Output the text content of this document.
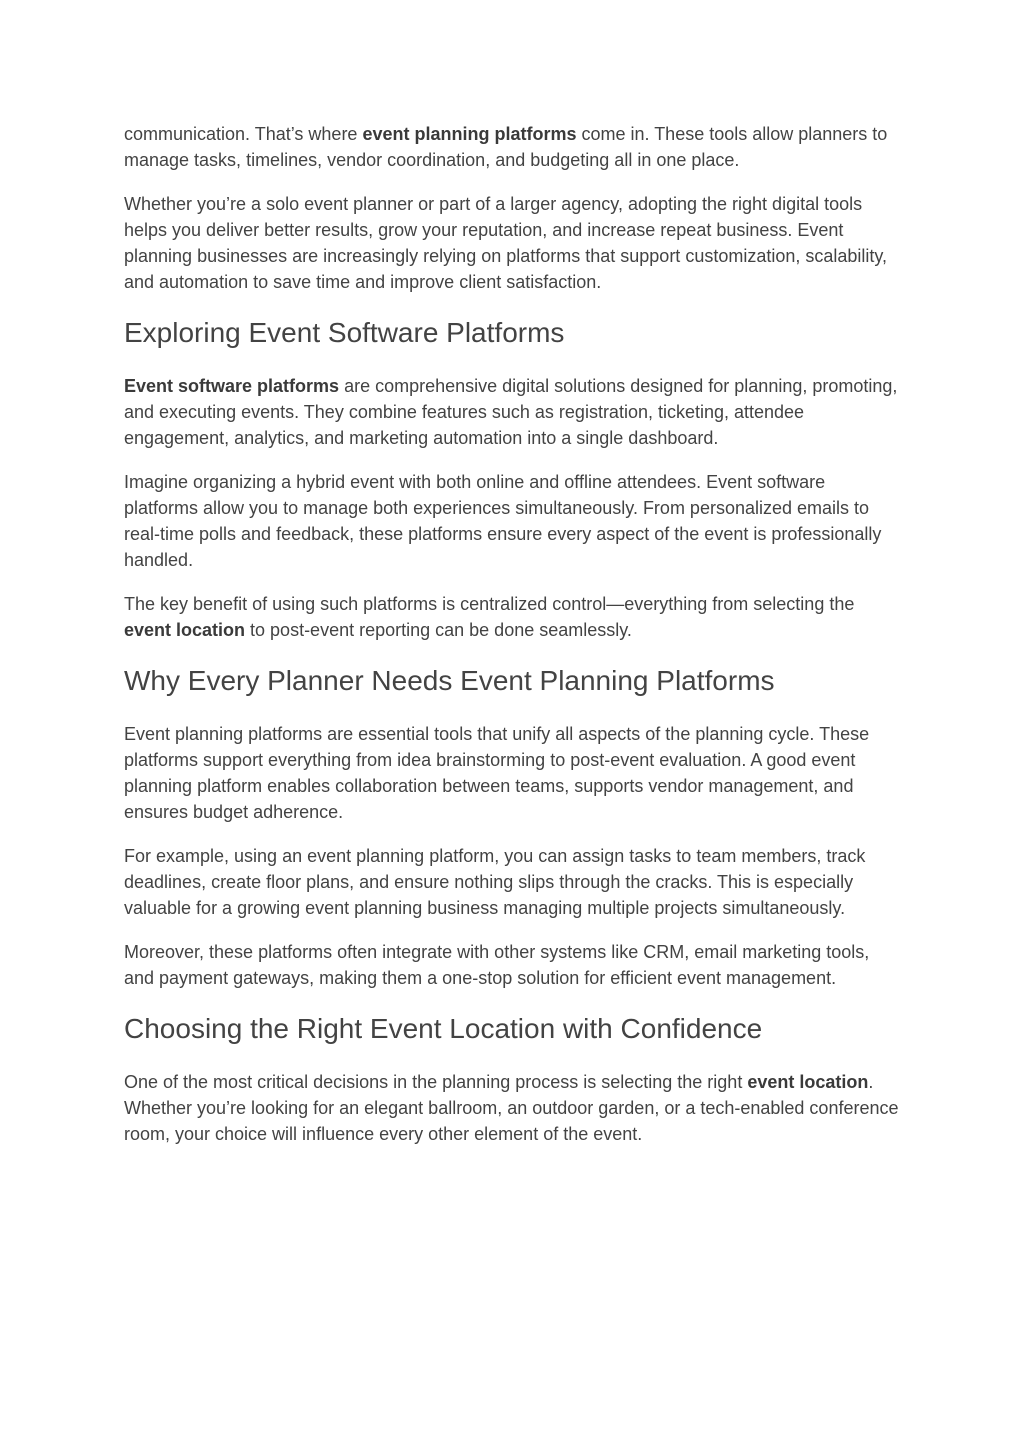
communication. That’s where event planning platforms come in. These tools allow planners to manage tasks, timelines, vendor coordination, and budgeting all in one place.

Whether you’re a solo event planner or part of a larger agency, adopting the right digital tools helps you deliver better results, grow your reputation, and increase repeat business. Event planning businesses are increasingly relying on platforms that support customization, scalability, and automation to save time and improve client satisfaction.

Exploring Event Software Platforms

Event software platforms are comprehensive digital solutions designed for planning, promoting, and executing events. They combine features such as registration, ticketing, attendee engagement, analytics, and marketing automation into a single dashboard.

Imagine organizing a hybrid event with both online and offline attendees. Event software platforms allow you to manage both experiences simultaneously. From personalized emails to real-time polls and feedback, these platforms ensure every aspect of the event is professionally handled.

The key benefit of using such platforms is centralized control—everything from selecting the event location to post-event reporting can be done seamlessly.

Why Every Planner Needs Event Planning Platforms

Event planning platforms are essential tools that unify all aspects of the planning cycle. These platforms support everything from idea brainstorming to post-event evaluation. A good event planning platform enables collaboration between teams, supports vendor management, and ensures budget adherence.

For example, using an event planning platform, you can assign tasks to team members, track deadlines, create floor plans, and ensure nothing slips through the cracks. This is especially valuable for a growing event planning business managing multiple projects simultaneously.

Moreover, these platforms often integrate with other systems like CRM, email marketing tools, and payment gateways, making them a one-stop solution for efficient event management.

Choosing the Right Event Location with Confidence

One of the most critical decisions in the planning process is selecting the right event location. Whether you’re looking for an elegant ballroom, an outdoor garden, or a tech-enabled conference room, your choice will influence every other element of the event.
